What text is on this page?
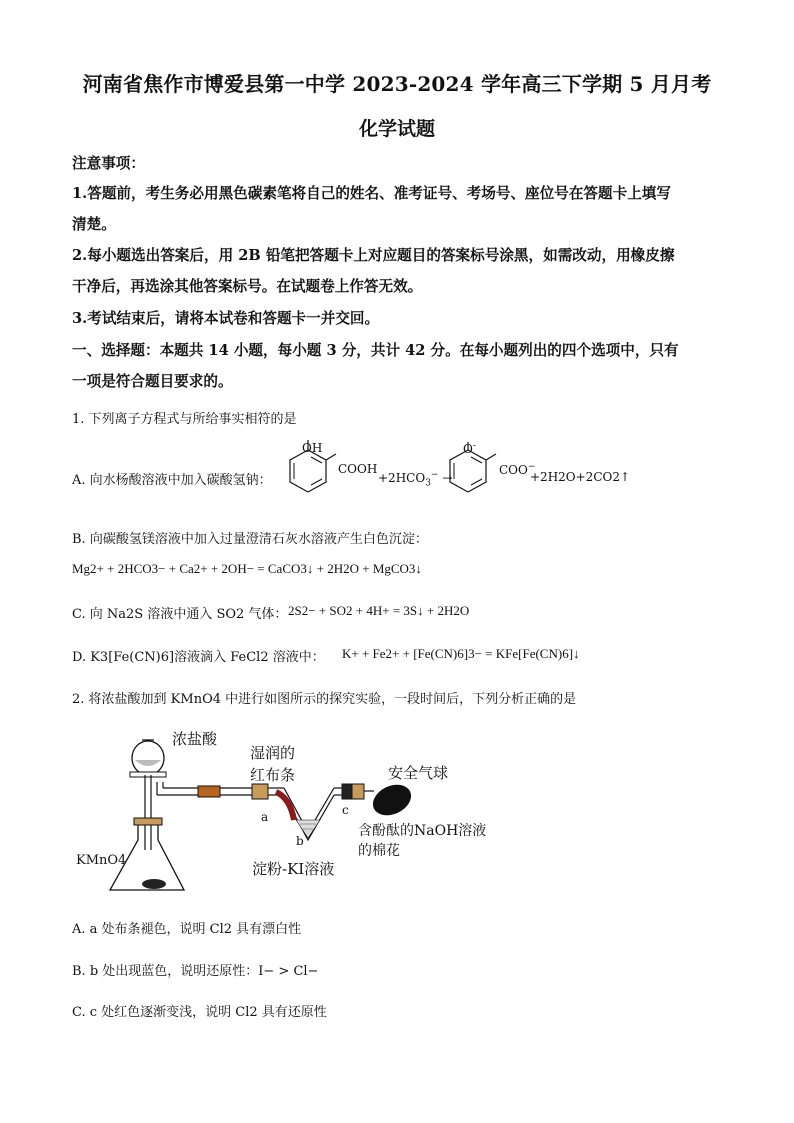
河南省焦作市博爱县第一中学 2023-2024 学年高三下学期 5 月月考
化学试题
注意事项：
1.答题前，考生务必用黑色碳素笔将自己的姓名、准考证号、考场号、座位号在答题卡上填写
清楚。
2.每小题选出答案后，用 2B 铅笔把答题卡上对应题目的答案标号涂黑，如需改动，用橡皮擦
干净后，再选涂其他答案标号。在试题卷上作答无效。
3.考试结束后，请将本试卷和答题卡一并交回。
一、选择题：本题共 14 小题，每小题 3 分，共计 42 分。在每小题列出的四个选项中，只有
一项是符合题目要求的。
1. 下列离子方程式与所给事实相符的是
A. 向水杨酸溶液中加入碳酸氢钠：
OH
COOH
$+2HCO_3^-$ →
O-
COO−
+2H2O+2CO2↑
B. 向碳酸氢镁溶液中加入过量澄清石灰水溶液产生白色沉淀：
Mg2+ + 2HCO3− + Ca2+ + 2OH− = CaCO3↓ + 2H2O + MgCO3↓
C. 向 Na2S 溶液中通入 SO2 气体： 2S2− + SO2 + 4H+ = 3S↓ + 2H2O
D. K3[Fe(CN)6]溶液滴入 FeCl2 溶液中： K+ + Fe2+ + [Fe(CN)6]3− = KFe[Fe(CN)6]↓
2. 将浓盐酸加到 KMnO4 中进行如图所示的探究实验，一段时间后，下列分析正确的是
浓盐酸
湿润的
红布条	安全气球
含酚酞的NaOH溶液
的棉花
KMnO4	淀粉-KI溶液
a
b
c
A. a 处布条褪色，说明 Cl2 具有漂白性
B. b 处出现蓝色，说明还原性：I− > Cl−
C. c 处红色逐渐变浅，说明 Cl2 具有还原性
